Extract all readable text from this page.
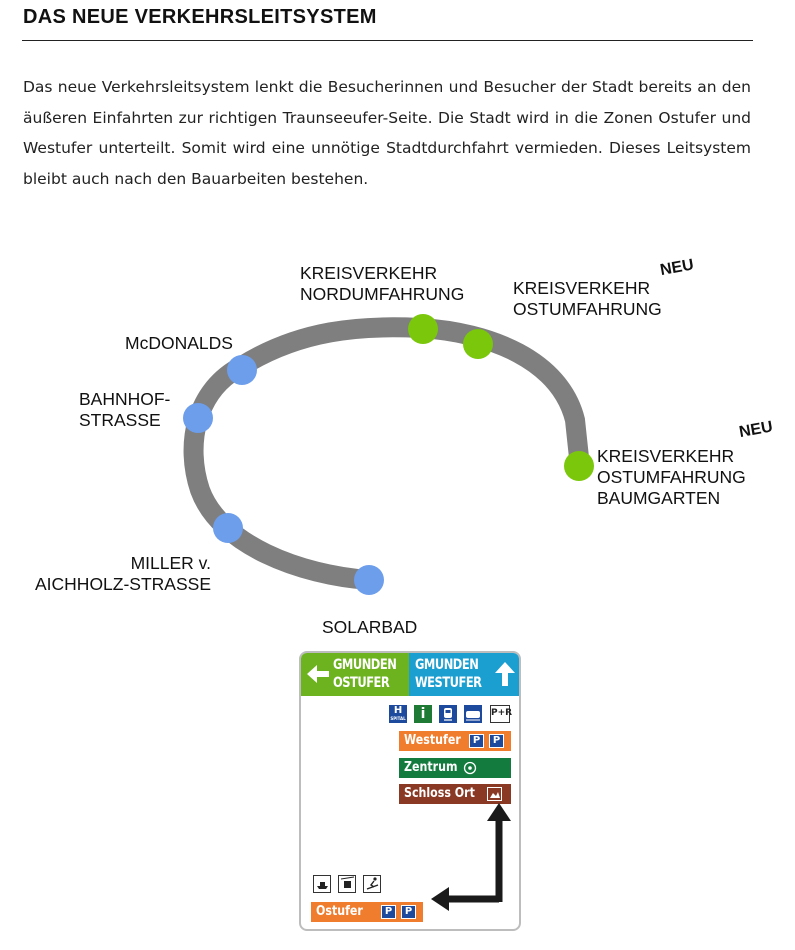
DAS NEUE VERKEHRSLEITSYSTEM

Das neue Verkehrsleitsystem lenkt die Besucherinnen und Besucher der Stadt bereits an den äußeren Einfahrten zur richtigen Traunseeufer-Seite. Die Stadt wird in die Zonen Ostufer und Westufer unterteilt. Somit wird eine unnötige Stadtdurchfahrt vermieden. Dieses Leitsystem bleibt auch nach den Bauarbeiten bestehen.

KREISVERKEHR
NORDUMFAHRUNG	KREISVERKEHR
OSTUMFAHRUNG
NEU
KREISVERKEHR
OSTUMFAHRUNG
BAUMGARTEN
NEU
McDONALDS
BAHNHOF-
STRASSE
MILLER v.
AICHHOLZ-STRASSE
SOLARBAD
GMUNDEN
OSTUFER
GMUNDEN
WESTUFER
H
SPITAL	i	P+R
Westufer	P	P
Zentrum
Schloss Ort
Ostufer	P	P
